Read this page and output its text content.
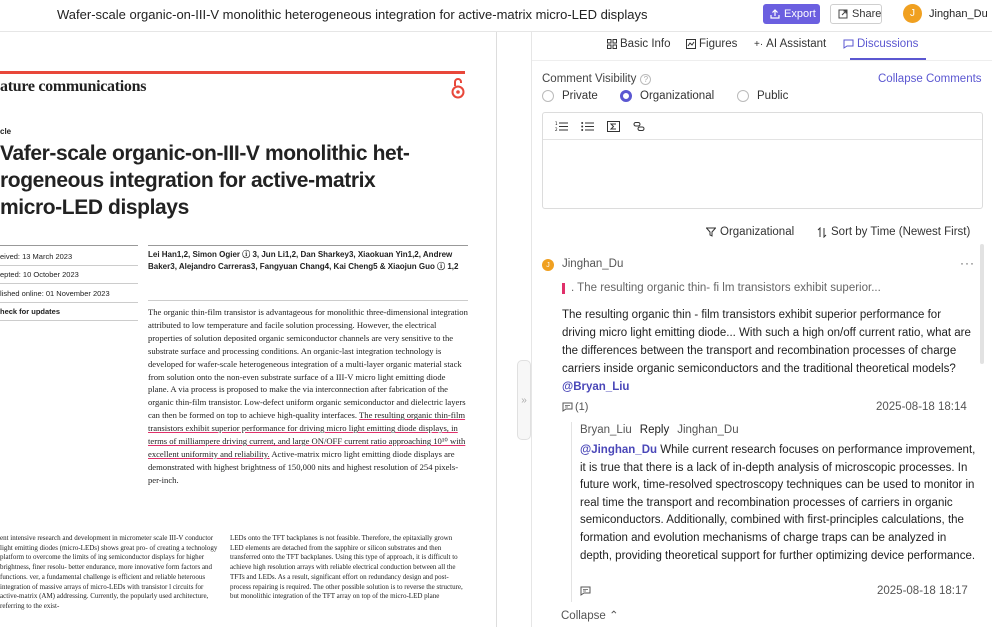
Wafer-scale organic-on-III-V monolithic heterogeneous integration for active-matrix micro-LED displays	Export	Share	J	Jinghan_Du
ature communications
cle
Vafer-scale organic-on-III-V monolithic het-
rogeneous integration for active-matrix
micro-LED displays
eived: 13 March 2023
epted: 10 October 2023
lished online: 01 November 2023
heck for updates
Lei Han1,2, Simon Ogier ⓘ 3, Jun Li1,2, Dan Sharkey3, Xiaokuan Yin1,2, Andrew Baker3, Alejandro Carreras3, Fangyuan Chang4, Kai Cheng5 & Xiaojun Guo ⓘ 1,2
The organic thin-film transistor is advantageous for monolithic three-dimensional integration attributed to low temperature and facile solution processing. However, the electrical properties of solution deposited organic semiconductor channels are very sensitive to the substrate surface and processing conditions. An organic-last integration technology is developed for wafer-scale heterogeneous integration of a multi-layer organic material stack from solution onto the non-even substrate surface of a III-V micro light emitting diode plane. A via process is proposed to make the via interconnection after fabrication of the organic thin-film transistor. Low-defect uniform organic semiconductor and dielectric layers can then be formed on top to achieve high-quality interfaces. The resulting organic thin-film transistors exhibit superior performance for driving micro light emitting diode displays, in terms of milliampere driving current, and large ON/OFF current ratio approaching 10¹⁰ with excellent uniformity and reliability. Active-matrix micro light emitting diode displays are demonstrated with highest brightness of 150,000 nits and highest resolution of 254 pixels-per-inch.
ent intensive research and development in micrometer scale III-V conductor light emitting diodes (micro-LEDs) shows great pro- of creating a technology platform to overcome the limits of ing semiconductor displays for higher brightness, finer resolu- better endurance, more innovative form factors and functions. ver, a fundamental challenge is efficient and reliable heteroous integration of massive arrays of micro-LEDs with transistor l circuits for active-matrix (AM) addressing. Currently, the popularly used architecture, referring to the exist-
LEDs onto the TFT backplanes is not feasible. Therefore, the epitaxially grown LED elements are detached from the sapphire or silicon substrates and then transferred onto the TFT backplanes. Using this type of approach, it is difficult to achieve high resolution arrays with reliable electrical conduction between all the TFTs and LEDs. As a result, significant effort on redundancy design and post-process repairing is required. The other possible solution is to reverse the structure, but monolithic integration of the TFT array on top of the micro-LED plane
»
Basic Info Figures +· AI Assistant	Discussions
Comment Visibility ?	Collapse Comments
Private	Organizational	Public
1
2
Organizational	Sort by Time (Newest First)
J	Jinghan_Du	···
. The resulting organic thin- fi lm transistors exhibit superior...
The resulting organic thin - film transistors exhibit superior performance for driving micro light emitting diode... With such a high on/off current ratio, what are the differences between the transport and recombination processes of charge carriers inside organic semiconductors and the traditional theoretical models? @Bryan_Liu
(1)	2025-08-18 18:14
Bryan_Liu Reply Jinghan_Du
@Jinghan_Du While current research focuses on performance improvement, it is true that there is a lack of in-depth analysis of microscopic processes. In future work, time-resolved spectroscopy techniques can be used to monitor in real time the transport and recombination processes of carriers in organic semiconductors. Additionally, combined with first-principles calculations, the formation and evolution mechanisms of charge traps can be analyzed in depth, providing theoretical support for further optimizing device performance.
2025-08-18 18:17
Collapse ⌃
